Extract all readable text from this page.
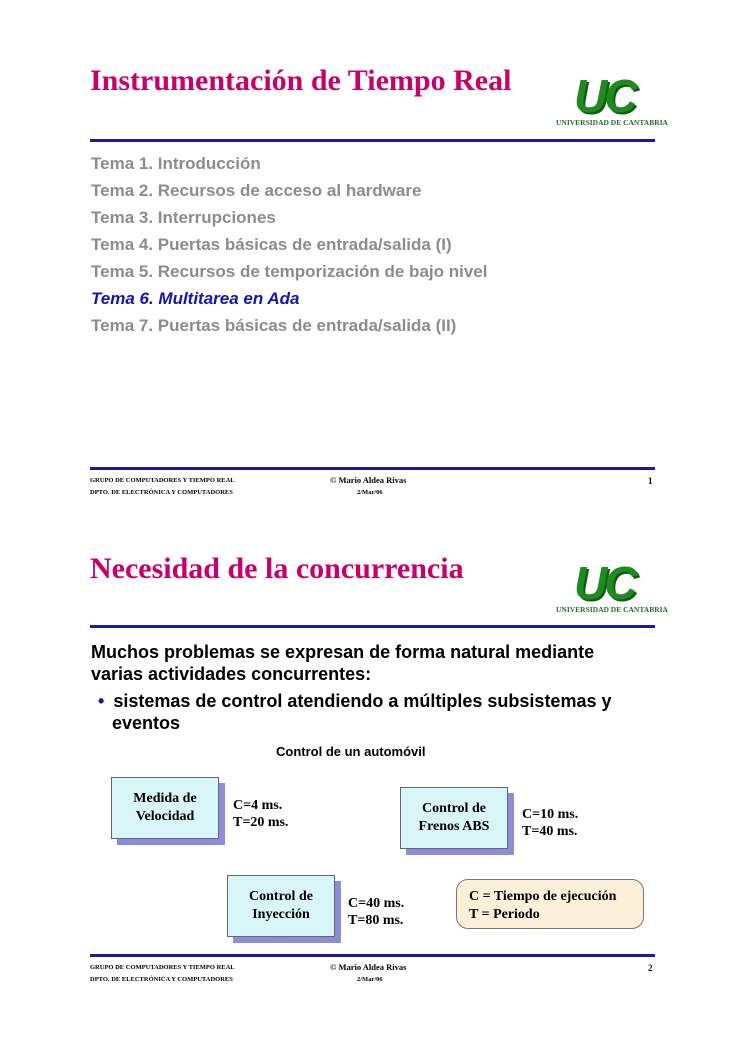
Instrumentación de Tiempo Real UC
UNIVERSIDAD DE CANTABRIA
Tema 1. Introducción
Tema 2. Recursos de acceso al hardware
Tema 3. Interrupciones
Tema 4. Puertas básicas de entrada/salida (I)
Tema 5. Recursos de temporización de bajo nivel
Tema 6. Multitarea en Ada
Tema 7. Puertas básicas de entrada/salida (II)
GRUPO DE COMPUTADORES Y TIEMPO REAL
DPTO. DE ELECTRÓNICA Y COMPUTADORES
© Mario Aldea Rivas
2/Mar/06
1
Necesidad de la concurrencia UC
UNIVERSIDAD DE CANTABRIA
Muchos problemas se expresan de forma natural mediante
varias actividades concurrentes:
• sistemas de control atendiendo a múltiples subsistemas y
eventos
Control de un automóvil
Medida de
Velocidad
C=4 ms.
T=20 ms.
Control de
Frenos ABS
C=10 ms.
T=40 ms.
Control de
Inyección
C=40 ms.
T=80 ms.
C = Tiempo de ejecución
T = Periodo
GRUPO DE COMPUTADORES Y TIEMPO REAL
DPTO. DE ELECTRÓNICA Y COMPUTADORES
© Mario Aldea Rivas
2/Mar/06
2
